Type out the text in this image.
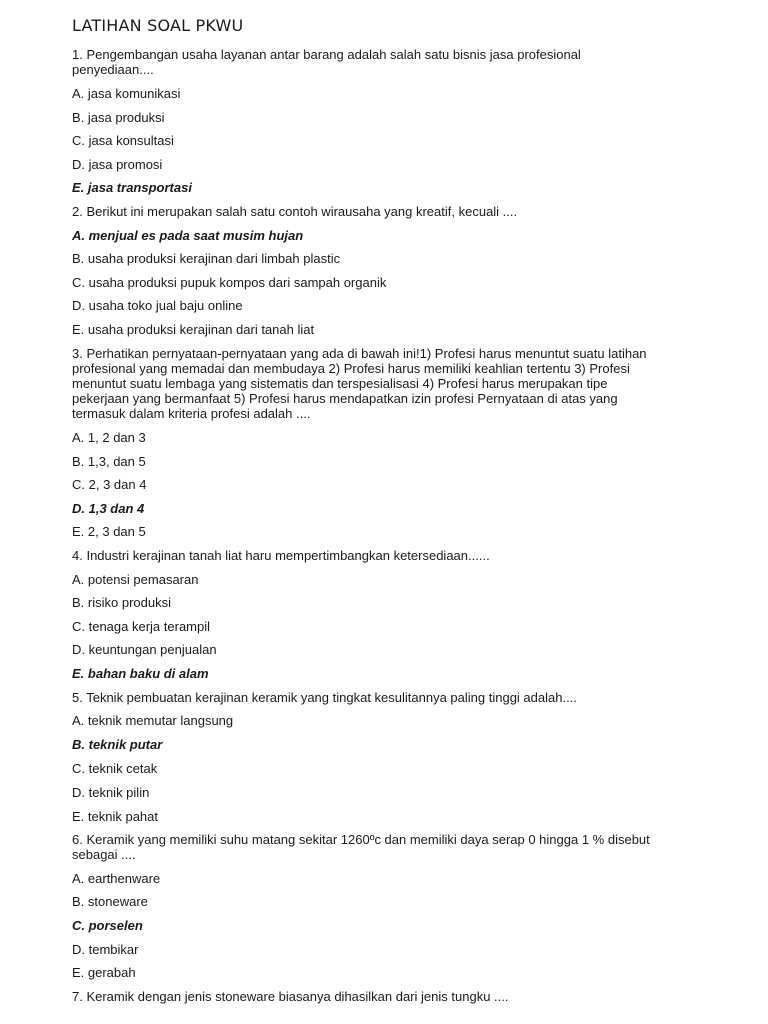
LATIHAN SOAL PKWU
1. Pengembangan usaha layanan antar barang adalah salah satu bisnis jasa profesional
penyediaan....
A. jasa komunikasi
B. jasa produksi
C. jasa konsultasi
D. jasa promosi
E. jasa transportasi
2. Berikut ini merupakan salah satu contoh wirausaha yang kreatif, kecuali ....
A. menjual es pada saat musim hujan
B. usaha produksi kerajinan dari limbah plastic
C. usaha produksi pupuk kompos dari sampah organik
D. usaha toko jual baju online
E. usaha produksi kerajinan dari tanah liat
3. Perhatikan pernyataan-pernyataan yang ada di bawah ini!1) Profesi harus menuntut suatu latihan
profesional yang memadai dan membudaya 2) Profesi harus memiliki keahlian tertentu 3) Profesi
menuntut suatu lembaga yang sistematis dan terspesialisasi 4) Profesi harus merupakan tipe
pekerjaan yang bermanfaat 5) Profesi harus mendapatkan izin profesi Pernyataan di atas yang
termasuk dalam kriteria profesi adalah ....
A. 1, 2 dan 3
B. 1,3, dan 5
C. 2, 3 dan 4
D. 1,3 dan 4
E. 2, 3 dan 5
4. Industri kerajinan tanah liat haru mempertimbangkan ketersediaan......
A. potensi pemasaran
B. risiko produksi
C. tenaga kerja terampil
D. keuntungan penjualan
E. bahan baku di alam
5. Teknik pembuatan kerajinan keramik yang tingkat kesulitannya paling tinggi adalah....
A. teknik memutar langsung
B. teknik putar
C. teknik cetak
D. teknik pilin
E. teknik pahat
6. Keramik yang memiliki suhu matang sekitar 1260ºc dan memiliki daya serap 0 hingga 1 % disebut
sebagai ....
A. earthenware
B. stoneware
C. porselen
D. tembikar
E. gerabah
7. Keramik dengan jenis stoneware biasanya dihasilkan dari jenis tungku ....
